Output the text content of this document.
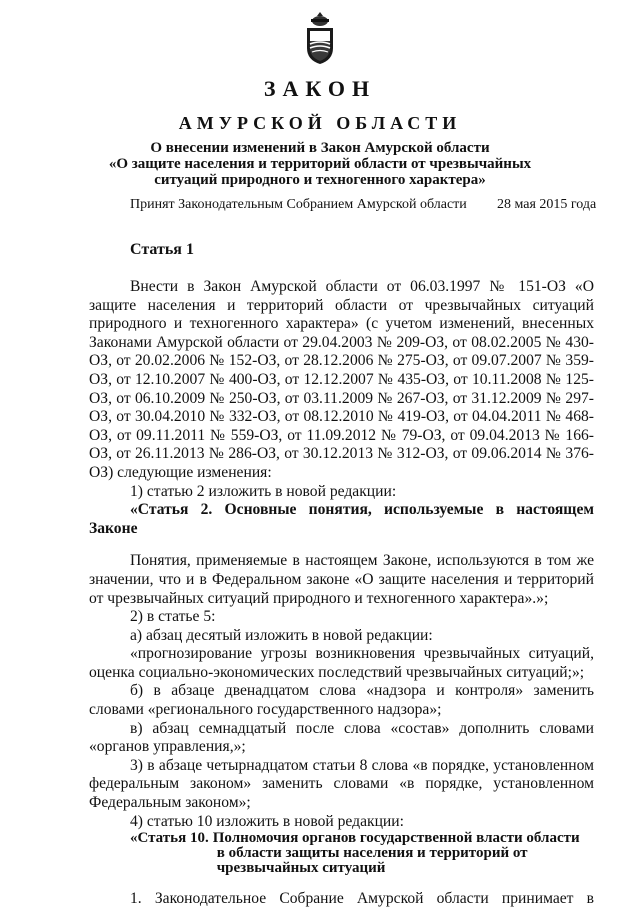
ЗАКОН
АМУРСКОЙ ОБЛАСТИ
О внесении изменений в Закон Амурской области
«О защите населения и территорий области от чрезвычайных
ситуаций природного и техногенного характера»
Принят Законодательным Собранием Амурской области 28 мая 2015 года
Статья 1

Внести в Закон Амурской области от 06.03.1997 № 151-ОЗ «О защите населения и территорий области от чрезвычайных ситуаций природного и техногенного характера» (с учетом изменений, внесенных Законами Амурской области от 29.04.2003 № 209-ОЗ, от 08.02.2005 № 430-ОЗ, от 20.02.2006 № 152-ОЗ, от 28.12.2006 № 275-ОЗ, от 09.07.2007 № 359-ОЗ, от 12.10.2007 № 400-ОЗ, от 12.12.2007 № 435-ОЗ, от 10.11.2008 № 125-ОЗ, от 06.10.2009 № 250-ОЗ, от 03.11.2009 № 267-ОЗ, от 31.12.2009 № 297-ОЗ, от 30.04.2010 № 332-ОЗ, от 08.12.2010 № 419-ОЗ, от 04.04.2011 № 468-ОЗ, от 09.11.2011 № 559-ОЗ, от 11.09.2012 № 79-ОЗ, от 09.04.2013 № 166-ОЗ, от 26.11.2013 № 286-ОЗ, от 30.12.2013 № 312-ОЗ, от 09.06.2014 № 376-ОЗ) следующие изменения:

1) статью 2 изложить в новой редакции:

«Статья 2. Основные понятия, используемые в настоящем Законе

Понятия, применяемые в настоящем Законе, используются в том же значении, что и в Федеральном законе «О защите населения и территорий от чрезвычайных ситуаций природного и техногенного характера».»;

2) в статье 5:

а) абзац десятый изложить в новой редакции:

«прогнозирование угрозы возникновения чрезвычайных ситуаций, оценка социально-экономических последствий чрезвычайных ситуаций;»;

б) в абзаце двенадцатом слова «надзора и контроля» заменить словами «регионального государственного надзора»;

в) абзац семнадцатый после слова «состав» дополнить словами «органов управления,»;

3) в абзаце четырнадцатом статьи 8 слова «в порядке, установленном федеральным законом» заменить словами «в порядке, установленном Федеральным законом»;

4) статью 10 изложить в новой редакции:

«Статья 10. Полномочия органов государственной власти области
в области защиты населения и территорий от
чрезвычайных ситуаций

1. Законодательное Собрание Амурской области принимает в
